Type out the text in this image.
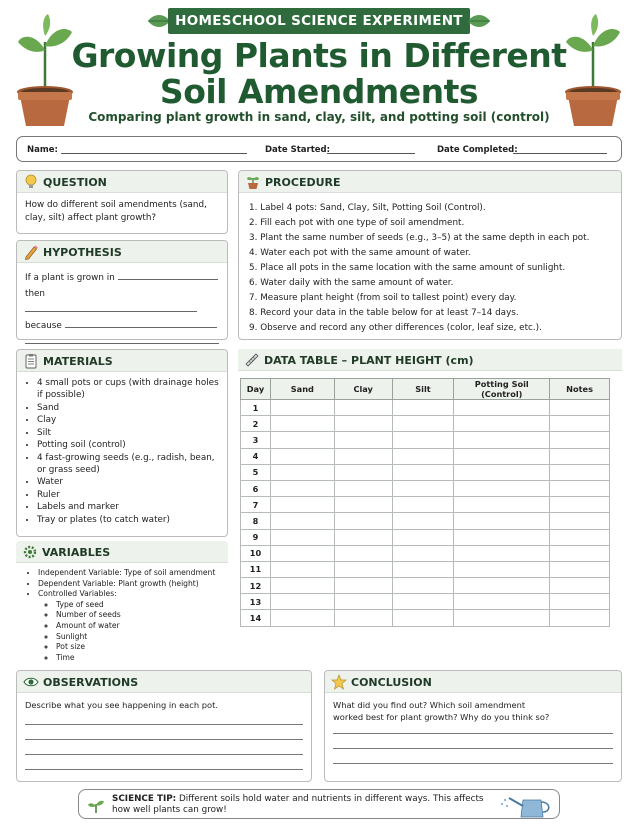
HOMESCHOOL SCIENCE EXPERIMENT
Growing Plants in Different
Soil Amendments
Comparing plant growth in sand, clay, silt, and potting soil (control)
Name:	Date Started:	Date Completed:
QUESTION
How do different soil amendments (sand, clay, silt) affect plant growth?
HYPOTHESIS
If a plant is grown in
then
because
MATERIALS
• 4 small pots or cups (with drainage holes if possible)
• Sand
• Clay
• Silt
• Potting soil (control)
• 4 fast-growing seeds (e.g., radish, bean, or grass seed)
• Water
• Ruler
• Labels and marker
• Tray or plates (to catch water)
VARIABLES
• Independent Variable: Type of soil amendment
• Dependent Variable: Plant growth (height)
• Controlled Variables:
◦ Type of seed
◦ Number of seeds
◦ Amount of water
◦ Sunlight
◦ Pot size
◦ Time
PROCEDURE
1. Label 4 pots: Sand, Clay, Silt, Potting Soil (Control).
2. Fill each pot with one type of soil amendment.
3. Plant the same number of seeds (e.g., 3–5) at the same depth in each pot.
4. Water each pot with the same amount of water.
5. Place all pots in the same location with the same amount of sunlight.
6. Water daily with the same amount of water.
7. Measure plant height (from soil to tallest point) every day.
8. Record your data in the table below for at least 7–14 days.
9. Observe and record any other differences (color, leaf size, etc.).
DATA TABLE – PLANT HEIGHT (cm)
Day	Sand	Clay	Silt	Potting Soil (Control)	Notes
1					
2					
3					
4					
5					
6					
7					
8					
9					
10					
11					
12					
13					
14					
OBSERVATIONS
Describe what you see happening in each pot.
CONCLUSION
What did you find out? Which soil amendment worked best for plant growth? Why do you think so?
SCIENCE TIP: Different soils hold water and nutrients in different ways. This affects how well plants can grow!
